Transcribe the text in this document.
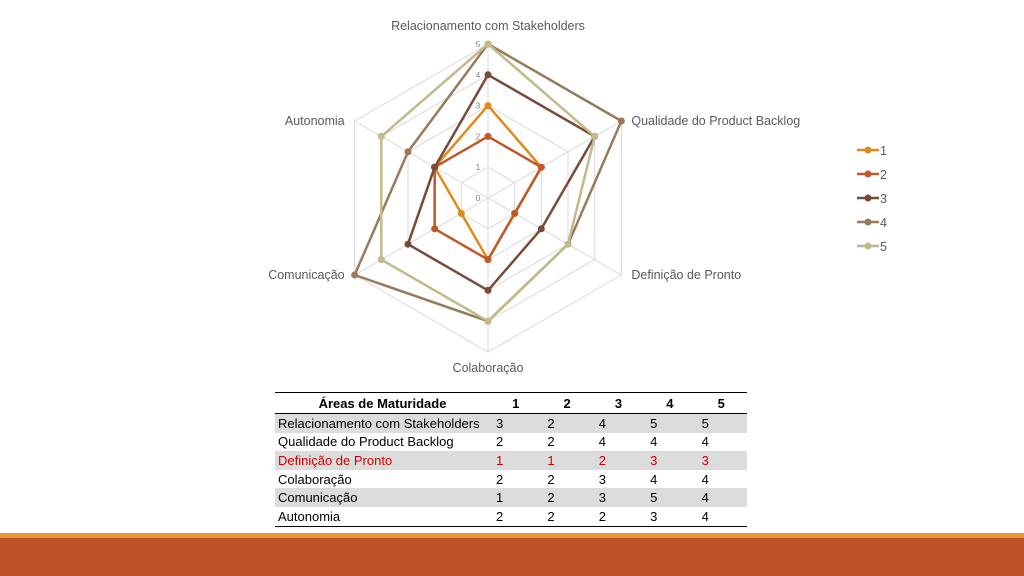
0
1
2
3
4
5
Relacionamento com Stakeholders
Qualidade do Product Backlog
Definição de Pronto
Colaboração
Comunicação
Autonomia
1
2
3
4
5
Áreas de Maturidade	1	2	3	4	5
Relacionamento com Stakeholders	3	2	4	5	5
Qualidade do Product Backlog	2	2	4	4	4
Definição de Pronto	1	1	2	3	3
Colaboração	2	2	3	4	4
Comunicação	1	2	3	5	4
Autonomia	2	2	2	3	4
